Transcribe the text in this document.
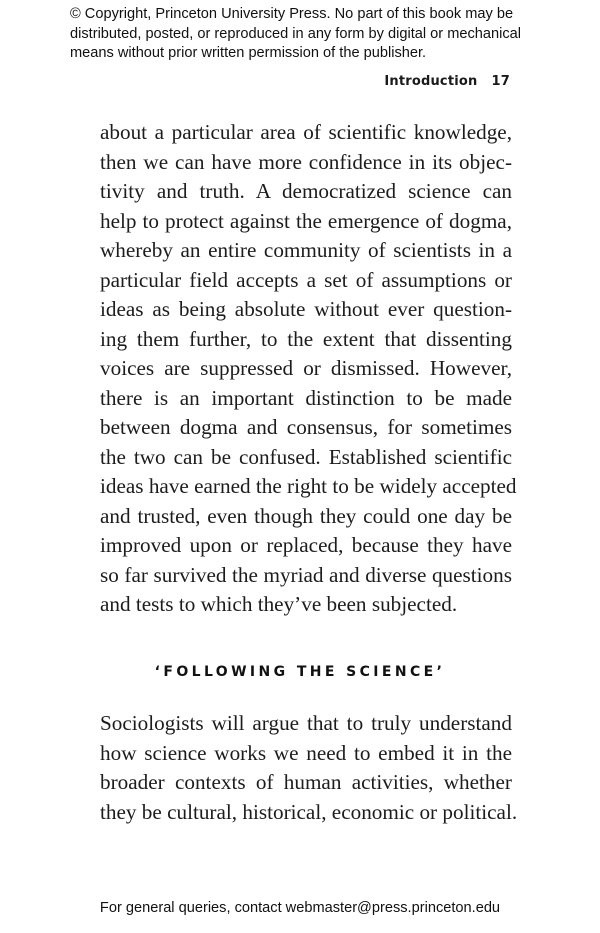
© Copyright, Princeton University Press. No part of this book may be
distributed, posted, or reproduced in any form by digital or mechanical
means without prior written permission of the publisher.
Introduction 17
about a particular area of scientific knowledge,
then we can have more confidence in its objec-
tivity and truth. A democratized science can
help to protect against the emergence of dogma,
whereby an entire community of scientists in a
particular field accepts a set of assumptions or
ideas as being absolute without ever question-
ing them further, to the extent that dissenting
voices are suppressed or dismissed. However,
there is an important distinction to be made
between dogma and consensus, for sometimes
the two can be confused. Established scientific
ideas have earned the right to be widely accepted
and trusted, even though they could one day be
improved upon or replaced, because they have
so far survived the myriad and diverse questions
and tests to which they’ve been subjected.
‘FOLLOWING THE SCIENCE’
Sociologists will argue that to truly understand
how science works we need to embed it in the
broader contexts of human activities, whether
they be cultural, historical, economic or political.
For general queries, contact webmaster@press.princeton.edu
